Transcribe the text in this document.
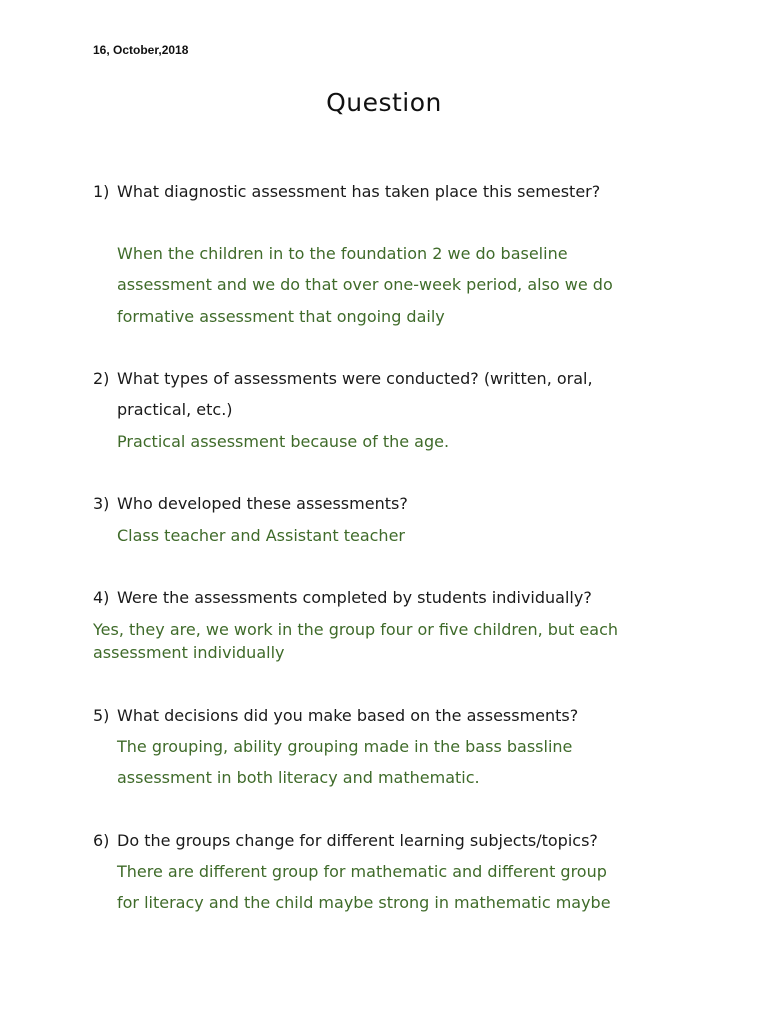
16, October,2018
Question
1) What diagnostic assessment has taken place this semester?
When the children in to the foundation 2 we do baseline
assessment and we do that over one-week period, also we do
formative assessment that ongoing daily
2) What types of assessments were conducted? (written, oral,
practical, etc.)
Practical assessment because of the age.
3) Who developed these assessments?
Class teacher and Assistant teacher
4) Were the assessments completed by students individually?
Yes, they are, we work in the group four or five children, but each
assessment individually
5) What decisions did you make based on the assessments?
The grouping, ability grouping made in the bass bassline
assessment in both literacy and mathematic.
6) Do the groups change for different learning subjects/topics?
There are different group for mathematic and different group
for literacy and the child maybe strong in mathematic maybe
